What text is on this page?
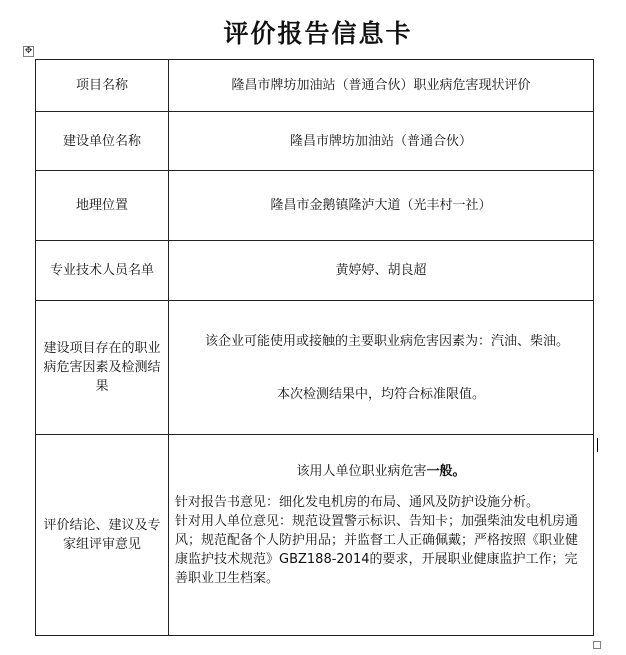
评价报告信息卡
✥
项目名称	隆昌市牌坊加油站（普通合伙）职业病危害现状评价
建设单位名称	隆昌市牌坊加油站（普通合伙）
地理位置	隆昌市金鹅镇隆泸大道（光丰村一社）
专业技术人员名单	黄婷婷、胡良超
建设项目存在的职业病危害因素及检测结果	该企业可能使用或接触的主要职业病危害因素为：汽油、柴油。
本次检测结果中，均符合标准限值。

评价结论、建议及专家组评审意见	该用人单位职业病危害一般。

针对报告书意见：细化发电机房的布局、通风及防护设施分析。

针对用人单位意见：规范设置警示标识、告知卡；加强柴油发电机房通风；规范配备个人防护用品；并监督工人正确佩戴；严格按照《职业健康监护技术规范》GBZ188-2014的要求，开展职业健康监护工作；完善职业卫生档案。
